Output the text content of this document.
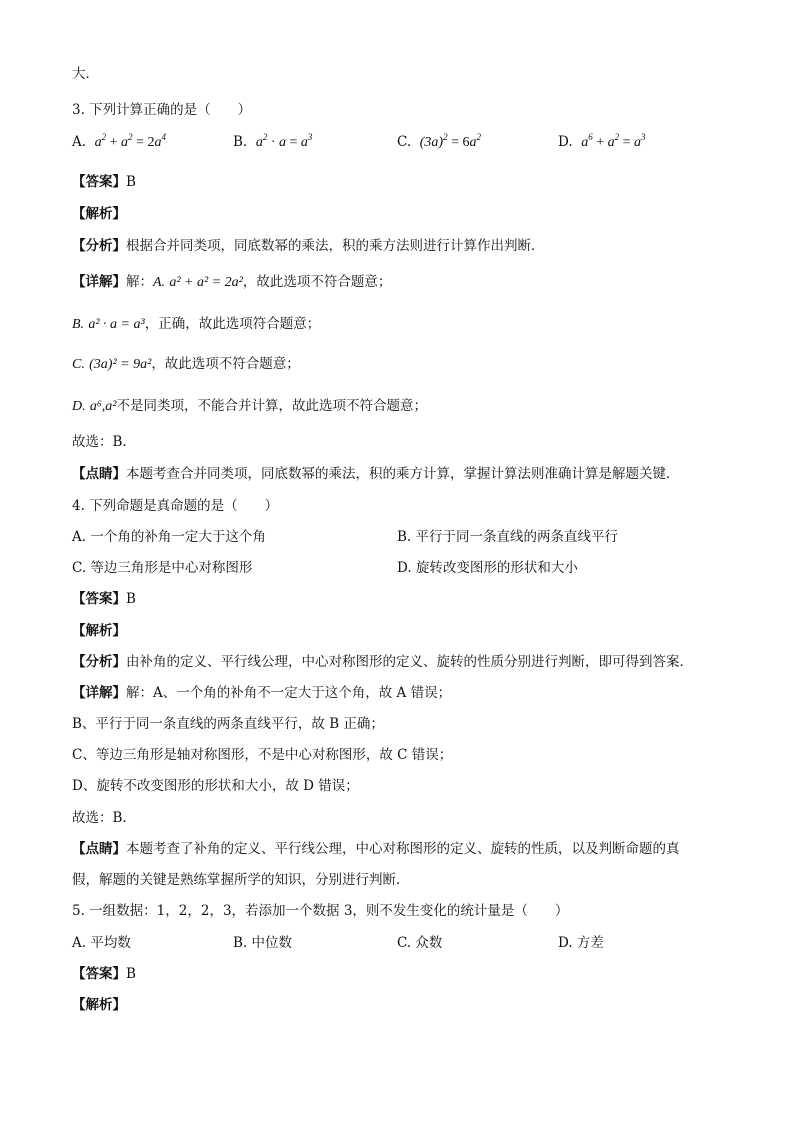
大．
3. 下列计算正确的是（　　）
A. $a^2 + a^2 = 2a^4$	B. $a^2 \cdot a = a^3$	C. $(3a)^2 = 6a^2$	D. $a^6 + a^2 = a^3$
【答案】B
【解析】
【分析】根据合并同类项，同底数幂的乘法，积的乘方法则进行计算作出判断．
【详解】解：A. a² + a² = 2a²，故此选项不符合题意；
B. a² · a = a³，正确，故此选项符合题意；
C. (3a)² = 9a²，故此选项不符合题意；
D. a⁶,a²不是同类项，不能合并计算，故此选项不符合题意；
故选：B．
【点睛】本题考查合并同类项，同底数幂的乘法，积的乘方计算，掌握计算法则准确计算是解题关键．
4. 下列命题是真命题的是（　　）
A. 一个角的补角一定大于这个角	B. 平行于同一条直线的两条直线平行
C. 等边三角形是中心对称图形	D. 旋转改变图形的形状和大小
【答案】B
【解析】
【分析】由补角的定义、平行线公理，中心对称图形的定义、旋转的性质分别进行判断，即可得到答案．
【详解】解：A、一个角的补角不一定大于这个角，故 A 错误；
B、平行于同一条直线的两条直线平行，故 B 正确；
C、等边三角形是轴对称图形，不是中心对称图形，故 C 错误；
D、旋转不改变图形的形状和大小，故 D 错误；
故选：B．
【点睛】本题考查了补角的定义、平行线公理，中心对称图形的定义、旋转的性质，以及判断命题的真
假，解题的关键是熟练掌握所学的知识，分别进行判断．
5. 一组数据：1，2，2，3，若添加一个数据 3，则不发生变化的统计量是（　　）
A. 平均数	B. 中位数	C. 众数	D. 方差
【答案】B
【解析】
